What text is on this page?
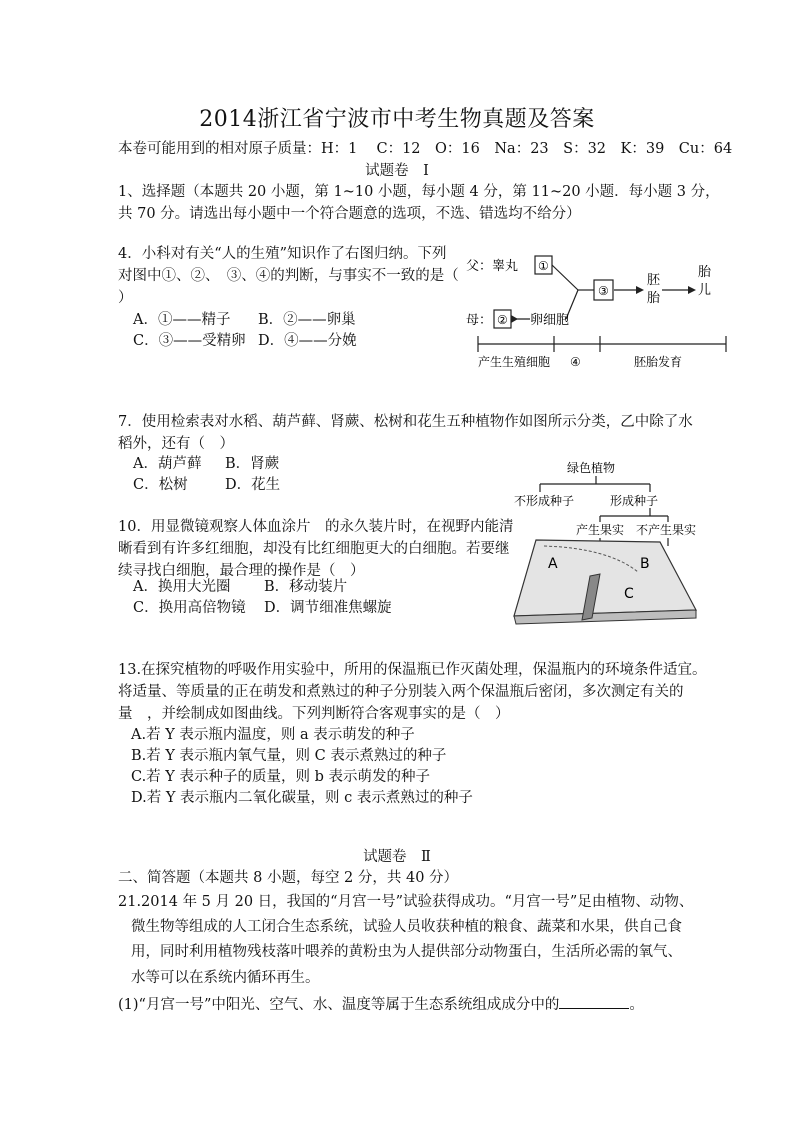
2014浙江省宁波市中考生物真题及答案
本卷可能用到的相对原子质量：H：1　 C：12　O：16　Na：23　S：32　K：39　Cu：64
试题卷　Ⅰ
1、选择题（本题共 20 小题，第 1~10 小题，每小题 4 分，第 11~20 小题．每小题 3 分，
共 70 分。请选出每小题中一个符合题意的选项，不选、错选均不给分）
4．小科对有关“人的生殖”知识作了右图归纳。下列
对图中①、②、　③、④的判断，与事实不一致的是（
）
A．①——精子 B．②——卵巢
C．③——受精卵 D．④——分娩
父：睾丸 ①
母： ② 卵细胞
③
胚
胎
胎
儿
产生生殖细胞 ④	胚胎发育
7．使用检索表对水稻、葫芦藓、肾蕨、松树和花生五种植物作如图所示分类，乙中除了水
稻外，还有（　）
A．葫芦藓 B．肾蕨
C．松树	D．花生
绿色植物
不形成种子	形成种子
产生果实 不产生果实
10．用显微镜观察人体血涂片　的永久装片时，在视野内能清
晰看到有许多红细胞，却没有比红细胞更大的白细胞。若要继
续寻找白细胞，最合理的操作是（　）
A．换用大光圈 B．移动装片
C．换用高倍物镜 D．调节细准焦螺旋
A	B
C
13.在探究植物的呼吸作用实验中，所用的保温瓶已作灭菌处理，保温瓶内的环境条件适宜。
将适量、等质量的正在萌发和煮熟过的种子分别装入两个保温瓶后密闭，多次测定有关的
量　，并绘制成如图曲线。下列判断符合客观事实的是（　）
A.若 Y 表示瓶内温度，则 a 表示萌发的种子
B.若 Y 表示瓶内氧气量，则 C 表示煮熟过的种子
C.若 Y 表示种子的质量，则 b 表示萌发的种子
D.若 Y 表示瓶内二氧化碳量，则 c 表示煮熟过的种子
试题卷　Ⅱ
二、简答题（本题共 8 小题，每空 2 分，共 40 分）
21.2014 年 5 月 20 日，我国的“月宫一号”试验获得成功。“月宫一号”足由植物、动物、
微生物等组成的人工闭合生态系统，试验人员收获种植的粮食、蔬菜和水果，供自己食
用，同时利用植物残枝落叶喂养的黄粉虫为人提供部分动物蛋白，生活所必需的氧气、
水等可以在系统内循环再生。
(1)“月宫一号”中阳光、空气、水、温度等属于生态系统组成成分中的	。
